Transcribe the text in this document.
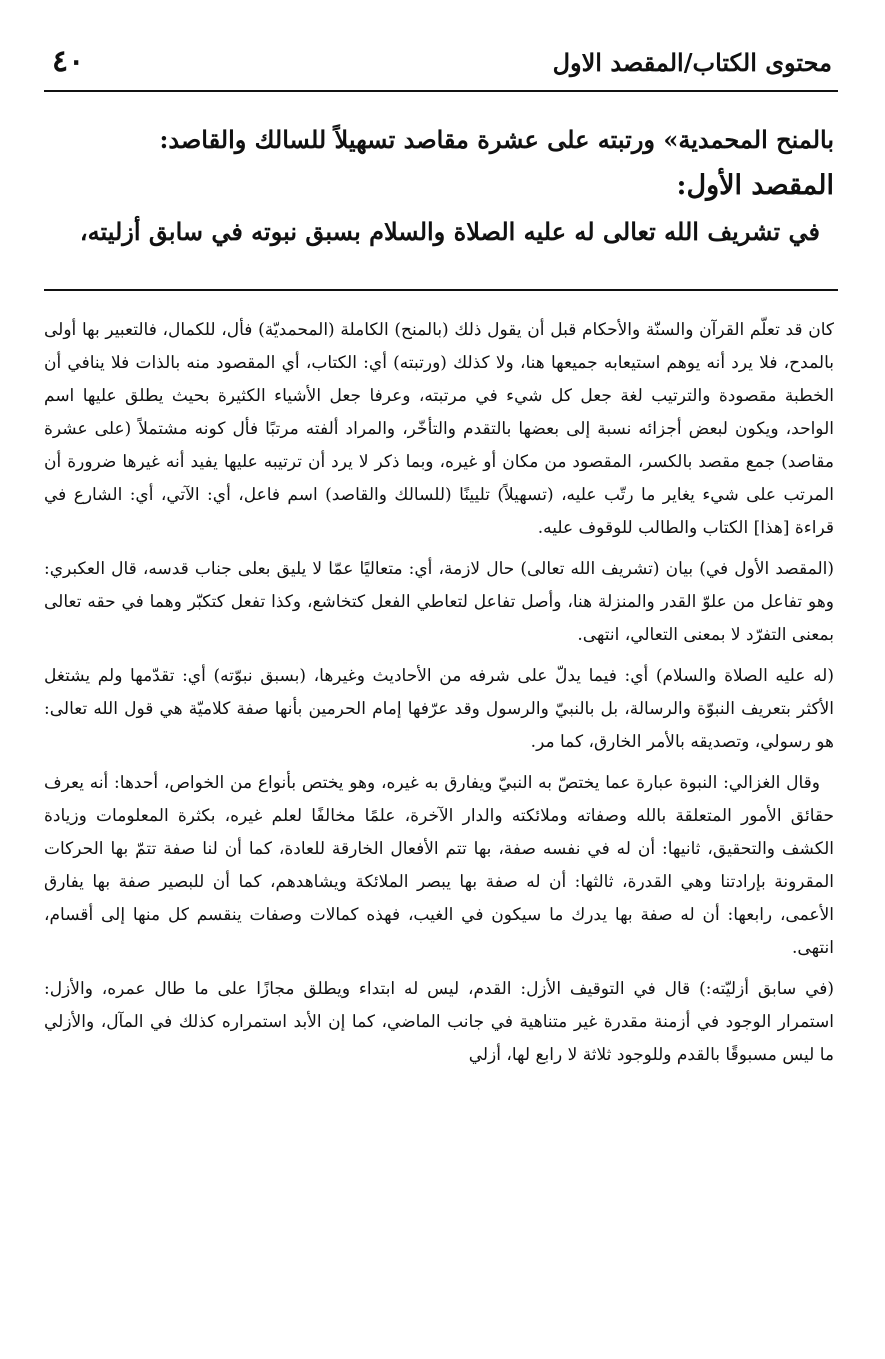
محتوى الكتاب/المقصد الاول
٤٠

بالمنح المحمدية» ورتبته على عشرة مقاصد تسهيلاً للسالك والقاصد:

المقصد الأول:

في تشريف الله تعالى له عليه الصلاة والسلام بسبق نبوته في سابق أزليته،

كان قد تعلّم القرآن والسنّة والأحكام قبل أن يقول ذلك (بالمنح) الكاملة (المحمديّة) فأل، للكمال، فالتعبير بها أولى بالمدح، فلا يرد أنه يوهم استيعابه جميعها هنا، ولا كذلك (ورتبته) أي: الكتاب، أي المقصود منه بالذات فلا ينافي أن الخطبة مقصودة والترتيب لغة جعل كل شيء في مرتبته، وعرفا جعل الأشياء الكثيرة بحيث يطلق عليها اسم الواحد، ويكون لبعض أجزائه نسبة إلى بعضها بالتقدم والتأخّر، والمراد ألفته مرتبًا فأل كونه مشتملاً (على عشرة مقاصد) جمع مقصد بالكسر، المقصود من مكان أو غيره، وبما ذكر لا يرد أن ترتيبه عليها يفيد أنه غيرها ضرورة أن المرتب على شيء يغاير ما رتّب عليه، (تسهيلاً) تليينًا (للسالك والقاصد) اسم فاعل، أي: الآتي، أي: الشارع في قراءة [هذا] الكتاب والطالب للوقوف عليه.

(المقصد الأول في) بيان (تشريف الله تعالى) حال لازمة، أي: متعاليًا عمّا لا يليق بعلى جناب قدسه، قال العكبري: وهو تفاعل من علوّ القدر والمنزلة هنا، وأصل تفاعل لتعاطي الفعل كتخاشع، وكذا تفعل كتكبّر وهما في حقه تعالى بمعنى التفرّد لا بمعنى التعالي، انتهى.

(له عليه الصلاة والسلام) أي: فيما يدلّ على شرفه من الأحاديث وغيرها، (بسبق نبوّته) أي: تقدّمها ولم يشتغل الأكثر بتعريف النبوّة والرسالة، بل بالنبيّ والرسول وقد عرّفها إمام الحرمين بأنها صفة كلاميّة هي قول الله تعالى: هو رسولي، وتصديقه بالأمر الخارق، كما مر.

وقال الغزالي: النبوة عبارة عما يختصّ به النبيّ ويفارق به غيره، وهو يختص بأنواع من الخواص، أحدها: أنه يعرف حقائق الأمور المتعلقة بالله وصفاته وملائكته والدار الآخرة، علمًا مخالفًا لعلم غيره، بكثرة المعلومات وزيادة الكشف والتحقيق، ثانيها: أن له في نفسه صفة، بها تتم الأفعال الخارقة للعادة، كما أن لنا صفة تتمّ بها الحركات المقرونة بإرادتنا وهي القدرة، ثالثها: أن له صفة بها يبصر الملائكة ويشاهدهم، كما أن للبصير صفة بها يفارق الأعمى، رابعها: أن له صفة بها يدرك ما سيكون في الغيب، فهذه كمالات وصفات ينقسم كل منها إلى أقسام، انتهى.

(في سابق أزليّته:) قال في التوقيف الأزل: القدم، ليس له ابتداء ويطلق مجازًا على ما طال عمره، والأزل: استمرار الوجود في أزمنة مقدرة غير متناهية في جانب الماضي، كما إن الأبد استمراره كذلك في المآل، والأزلي ما ليس مسبوقًا بالقدم وللوجود ثلاثة لا رابع لها، أزلي
